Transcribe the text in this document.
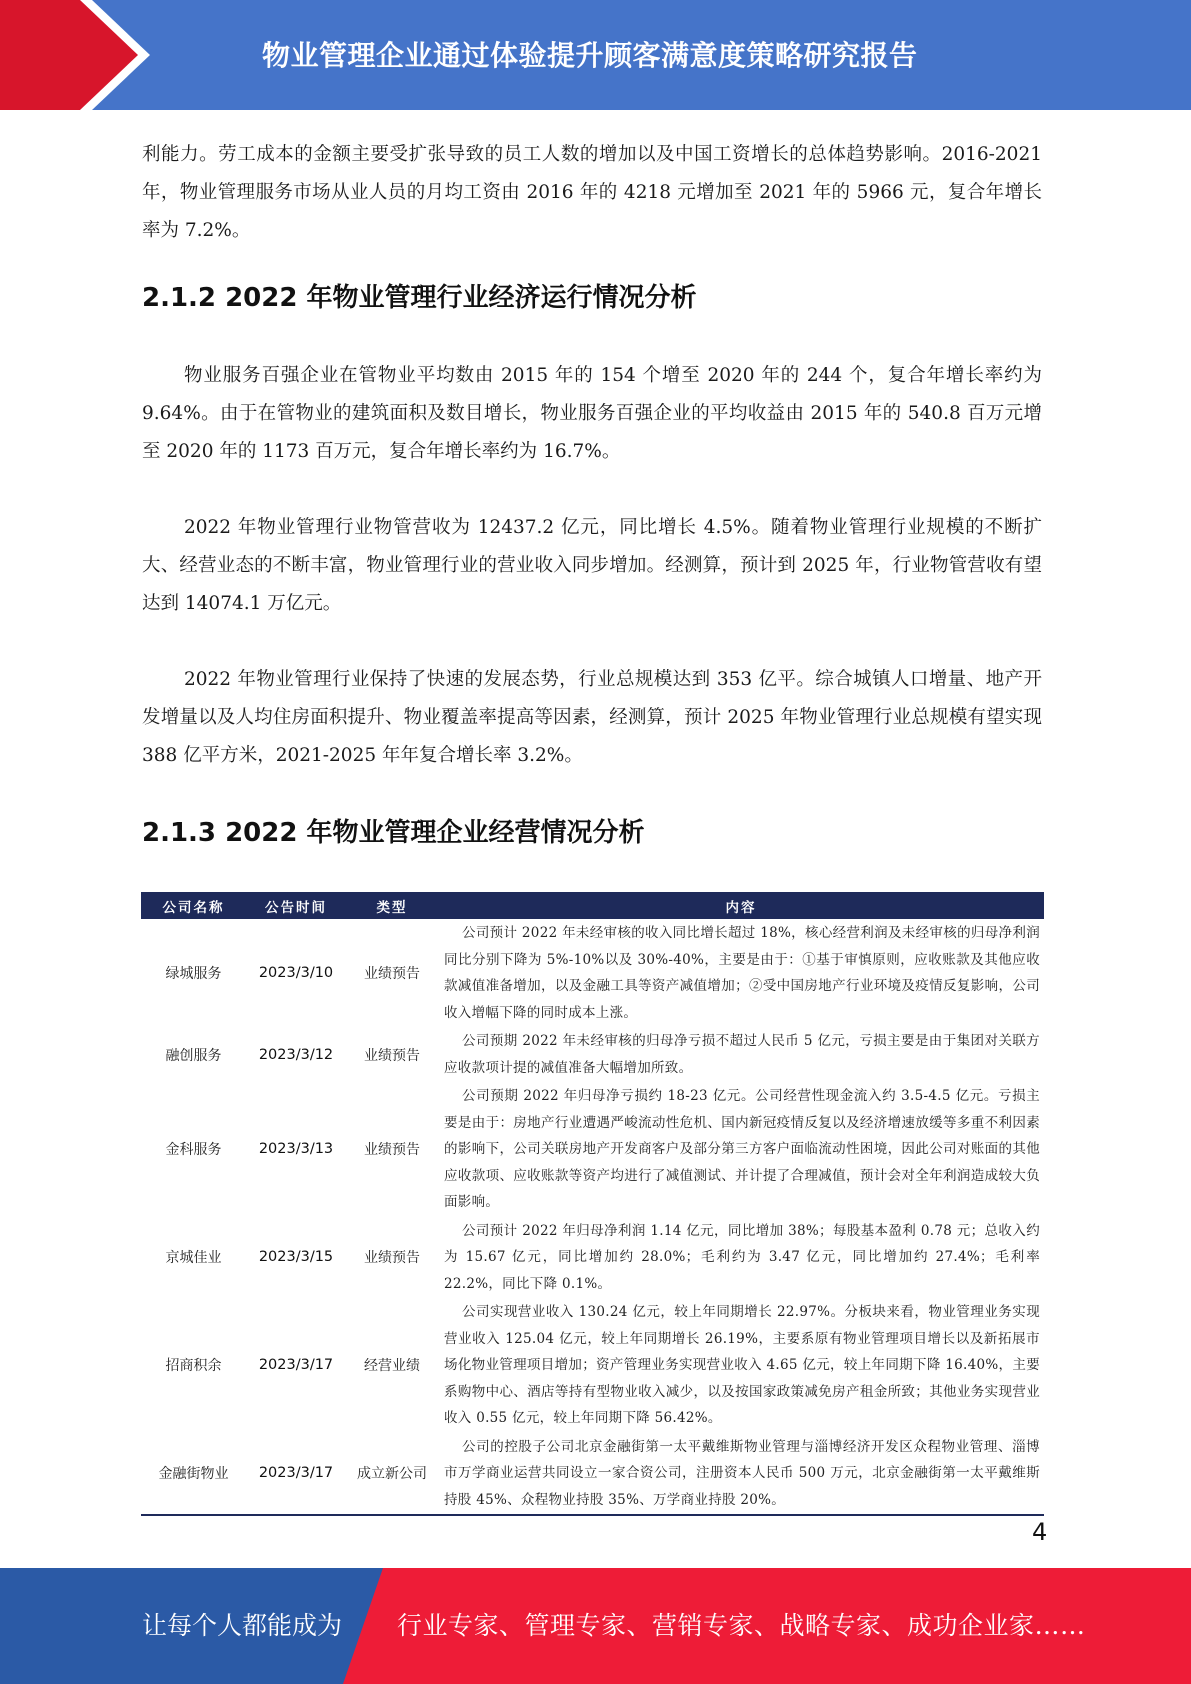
物业管理企业通过体验提升顾客满意度策略研究报告

利能力。劳工成本的金额主要受扩张导致的员工人数的增加以及中国工资增长的总体趋势影响。2016-2021 年，物业管理服务市场从业人员的月均工资由 2016 年的 4218 元增加至 2021 年的 5966 元，复合年增长率为 7.2%。

2.1.2 2022 年物业管理行业经济运行情况分析

物业服务百强企业在管物业平均数由 2015 年的 154 个增至 2020 年的 244 个，复合年增长率约为 9.64%。由于在管物业的建筑面积及数目增长，物业服务百强企业的平均收益由 2015 年的 540.8 百万元增至 2020 年的 1173 百万元，复合年增长率约为 16.7%。

2022 年物业管理行业物管营收为 12437.2 亿元，同比增长 4.5%。随着物业管理行业规模的不断扩大、经营业态的不断丰富，物业管理行业的营业收入同步增加。经测算，预计到 2025 年，行业物管营收有望达到 14074.1 万亿元。

2022 年物业管理行业保持了快速的发展态势，行业总规模达到 353 亿平。综合城镇人口增量、地产开发增量以及人均住房面积提升、物业覆盖率提高等因素，经测算，预计 2025 年物业管理行业总规模有望实现 388 亿平方米，2021-2025 年年复合增长率 3.2%。

2.1.3 2022 年物业管理企业经营情况分析
公司名称	公告时间	类型	内容
绿城服务	2023/3/10	业绩预告	公司预计 2022 年未经审核的收入同比增长超过 18%，核心经营利润及未经审核的归母净利润同比分别下降为 5%-10%以及 30%-40%，主要是由于：①基于审慎原则，应收账款及其他应收款减值准备增加，以及金融工具等资产减值增加；②受中国房地产行业环境及疫情反复影响，公司收入增幅下降的同时成本上涨。
融创服务	2023/3/12	业绩预告	公司预期 2022 年未经审核的归母净亏损不超过人民币 5 亿元，亏损主要是由于集团对关联方应收款项计提的减值准备大幅增加所致。
金科服务	2023/3/13	业绩预告	公司预期 2022 年归母净亏损约 18-23 亿元。公司经营性现金流入约 3.5-4.5 亿元。亏损主要是由于：房地产行业遭遇严峻流动性危机、国内新冠疫情反复以及经济增速放缓等多重不利因素的影响下，公司关联房地产开发商客户及部分第三方客户面临流动性困境，因此公司对账面的其他应收款项、应收账款等资产均进行了减值测试、并计提了合理减值，预计会对全年利润造成较大负面影响。
京城佳业	2023/3/15	业绩预告	公司预计 2022 年归母净利润 1.14 亿元，同比增加 38%；每股基本盈利 0.78 元；总收入约为 15.67 亿元，同比增加约 28.0%；毛利约为 3.47 亿元，同比增加约 27.4%；毛利率 22.2%，同比下降 0.1%。
招商积余	2023/3/17	经营业绩	公司实现营业收入 130.24 亿元，较上年同期增长 22.97%。分板块来看，物业管理业务实现营业收入 125.04 亿元，较上年同期增长 26.19%，主要系原有物业管理项目增长以及新拓展市场化物业管理项目增加；资产管理业务实现营业收入 4.65 亿元，较上年同期下降 16.40%，主要系购物中心、酒店等持有型物业收入减少，以及按国家政策减免房产租金所致；其他业务实现营业收入 0.55 亿元，较上年同期下降 56.42%。
金融街物业	2023/3/17	成立新公司	公司的控股子公司北京金融街第一太平戴维斯物业管理与淄博经济开发区众程物业管理、淄博市万学商业运营共同设立一家合资公司，注册资本人民币 500 万元，北京金融街第一太平戴维斯持股 45%、众程物业持股 35%、万学商业持股 20%。
4
让每个人都能成为 行业专家、管理专家、营销专家、战略专家、成功企业家……
